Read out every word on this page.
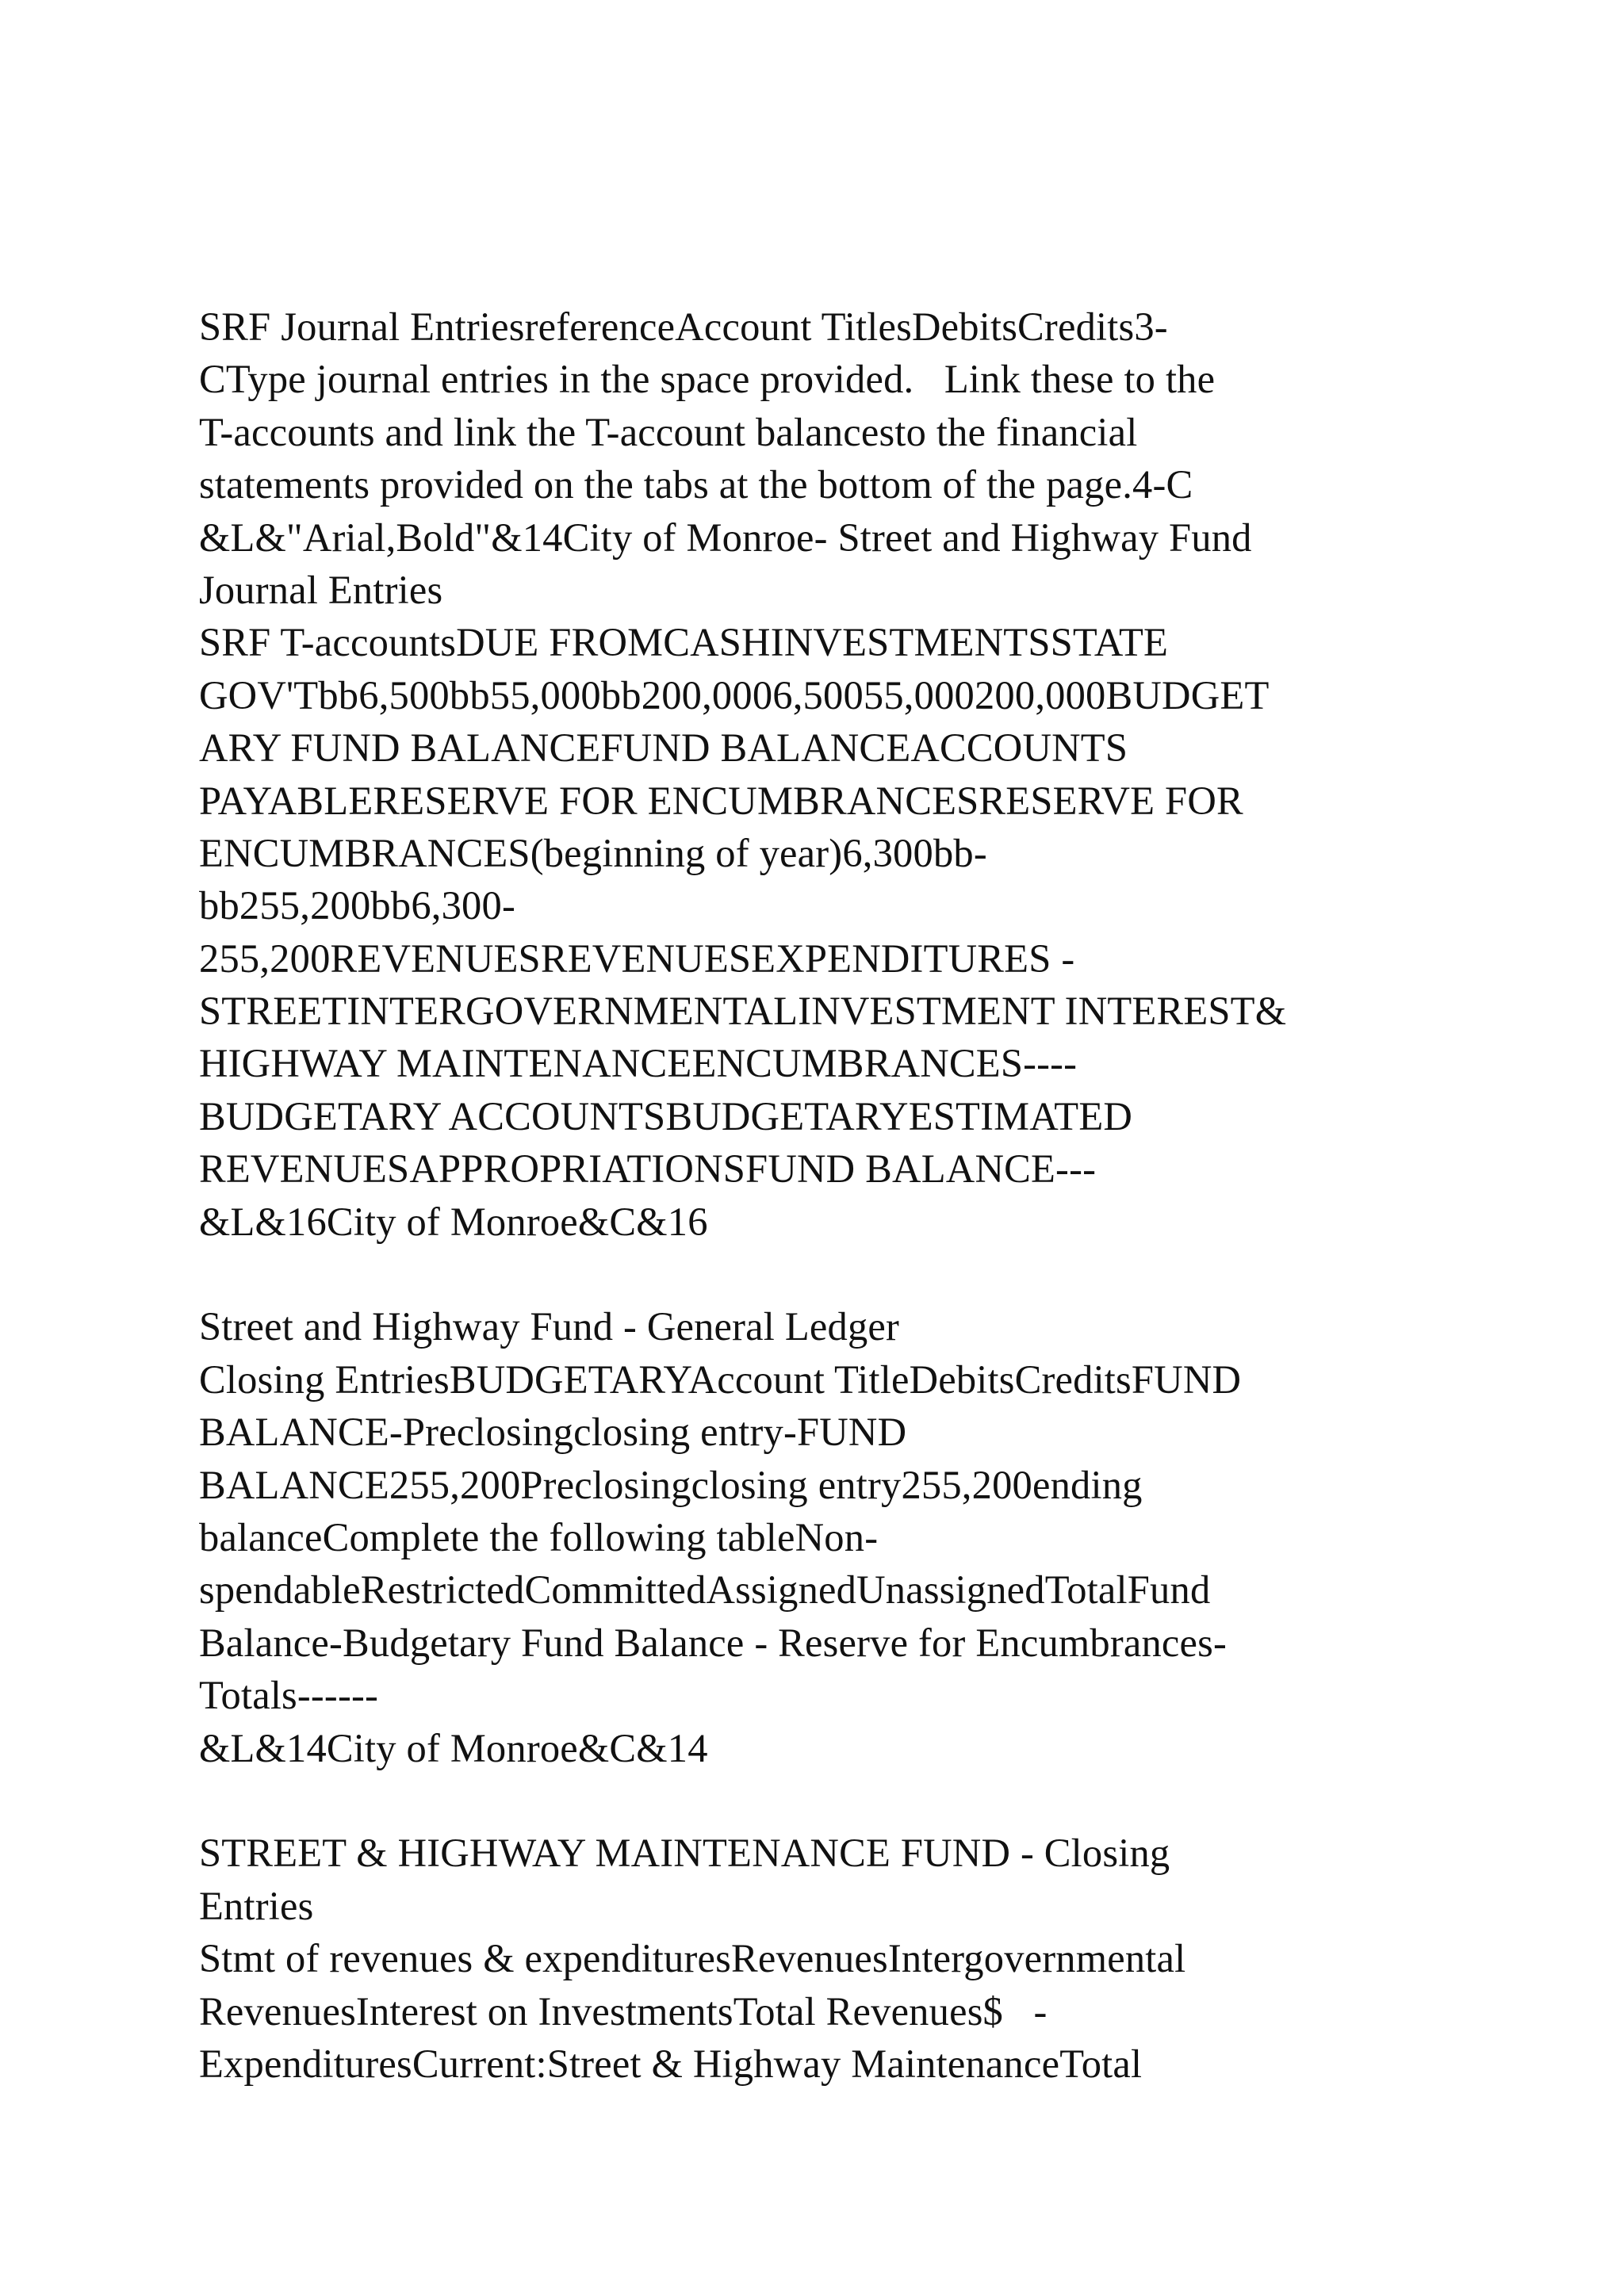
SRF Journal EntriesreferenceAccount TitlesDebitsCredits3-
CType journal entries in the space provided.   Link these to the
T-accounts and link the T-account balancesto the financial
statements provided on the tabs at the bottom of the page.4-C
&L&"Arial,Bold"&14City of Monroe- Street and Highway Fund
Journal Entries
SRF T-accountsDUE FROMCASHINVESTMENTSSTATE
GOV'Tbb6,500bb55,000bb200,0006,50055,000200,000BUDGET
ARY FUND BALANCEFUND BALANCEACCOUNTS
PAYABLERESERVE FOR ENCUMBRANCESRESERVE FOR
ENCUMBRANCES(beginning of year)6,300bb-
bb255,200bb6,300-
255,200REVENUESREVENUESEXPENDITURES -
STREETINTERGOVERNMENTALINVESTMENT INTEREST&
HIGHWAY MAINTENANCEENCUMBRANCES----
BUDGETARY ACCOUNTSBUDGETARYESTIMATED
REVENUESAPPROPRIATIONSFUND BALANCE---
&L&16City of Monroe&C&16
Street and Highway Fund - General Ledger
Closing EntriesBUDGETARYAccount TitleDebitsCreditsFUND
BALANCE-Preclosingclosing entry-FUND
BALANCE255,200Preclosingclosing entry255,200ending
balanceComplete the following tableNon-
spendableRestrictedCommittedAssignedUnassignedTotalFund
Balance-Budgetary Fund Balance - Reserve for Encumbrances-
Totals------
&L&14City of Monroe&C&14
STREET & HIGHWAY MAINTENANCE FUND - Closing
Entries
Stmt of revenues & expendituresRevenuesIntergovernmental
RevenuesInterest on InvestmentsTotal Revenues$   -
ExpendituresCurrent:Street & Highway MaintenanceTotal
